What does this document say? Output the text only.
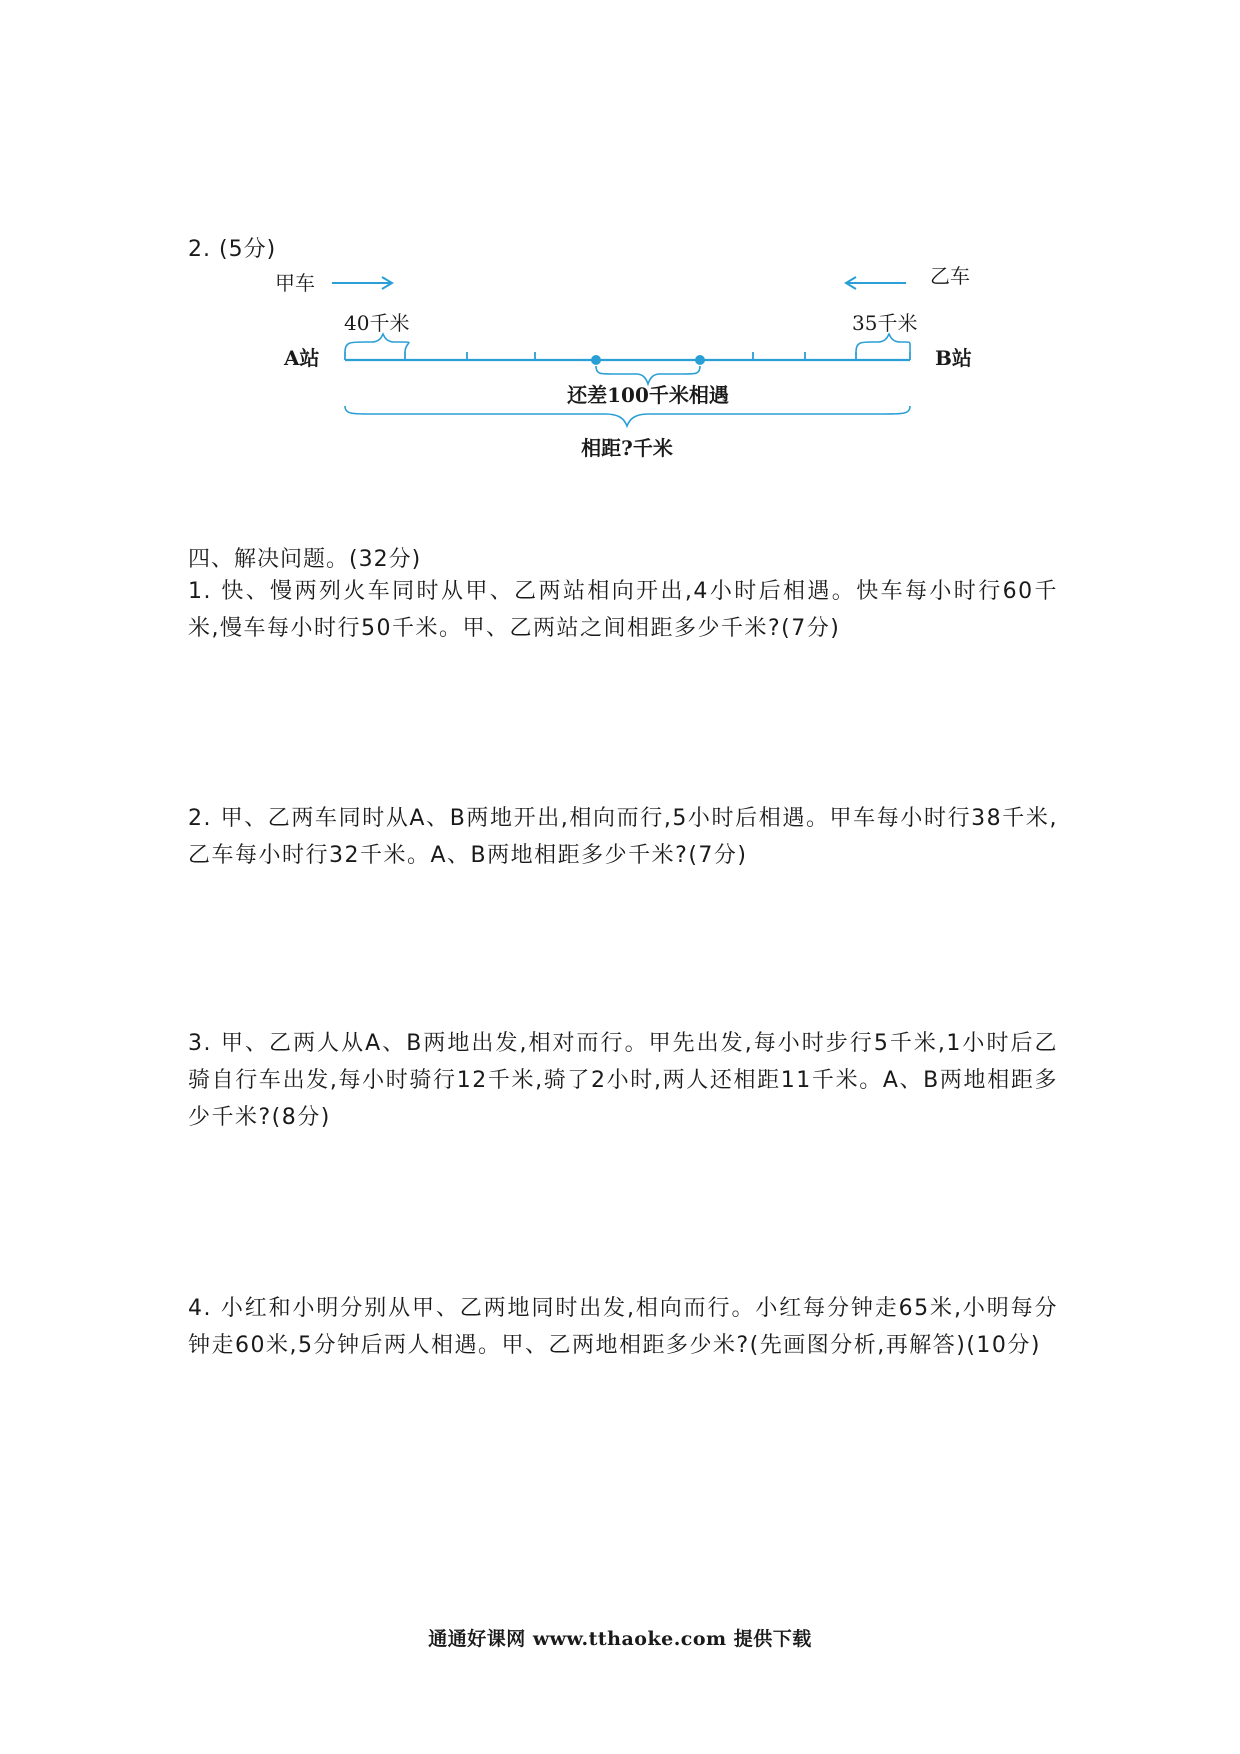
2. (5分)
甲车	乙车
40千米	35千米
A站	B站
还差100千米相遇
相距?千米
四、解决问题。(32分)
1. 快、慢两列火车同时从甲、乙两站相向开出,4小时后相遇。快车每小时行60千米,慢车每小时行50千米。甲、乙两站之间相距多少千米?(7分)
2. 甲、乙两车同时从A、B两地开出,相向而行,5小时后相遇。甲车每小时行38千米,乙车每小时行32千米。A、B两地相距多少千米?(7分)
3. 甲、乙两人从A、B两地出发,相对而行。甲先出发,每小时步行5千米,1小时后乙骑自行车出发,每小时骑行12千米,骑了2小时,两人还相距11千米。A、B两地相距多少千米?(8分)
4. 小红和小明分别从甲、乙两地同时出发,相向而行。小红每分钟走65米,小明每分钟走60米,5分钟后两人相遇。甲、乙两地相距多少米?(先画图分析,再解答)(10分)
通通好课网 www.tthaoke.com 提供下载
